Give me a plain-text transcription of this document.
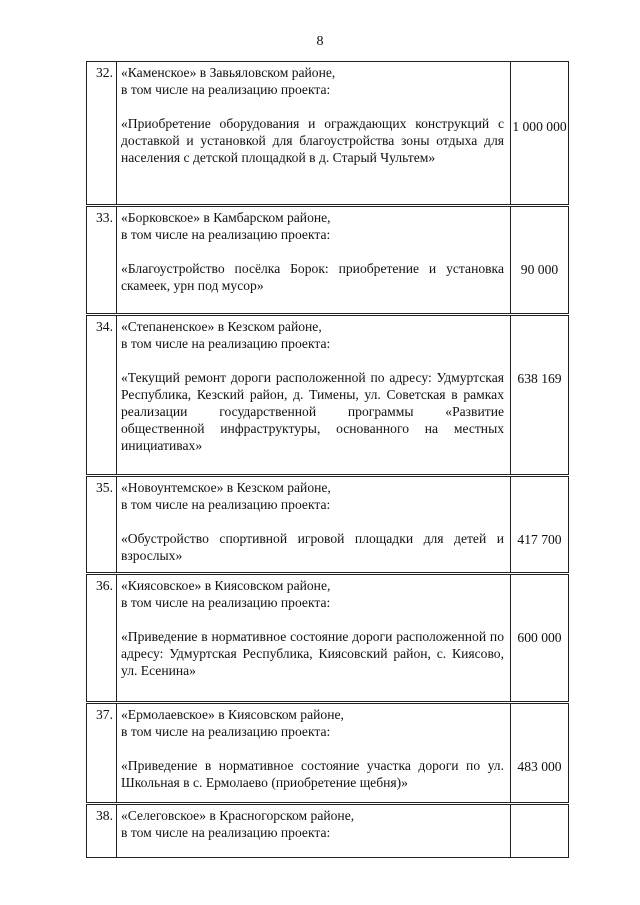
8
32.	«Каменское» в Завьяловском районе,
в том числе на реализацию проекта:
«Приобретение оборудования и ограждающих конструкций с доставкой и установкой для благоустройства зоны отдыха для населения с детской площадкой в д. Старый Чультем»	1 000 000

33.	«Борковское» в Камбарском районе,
в том числе на реализацию проекта:
«Благоустройство посёлка Борок: приобретение и установка скамеек, урн под мусор»	90 000

34.	«Степаненское» в Кезском районе,
в том числе на реализацию проекта:
«Текущий ремонт дороги расположенной по адресу: Удмуртская Республика, Кезский район, д. Тимены, ул. Советская в рамках реализации государственной программы «Развитие общественной инфраструктуры, основанного на местных инициативах»	638 169

35.	«Новоунтемское» в Кезском районе,
в том числе на реализацию проекта:
«Обустройство спортивной игровой площадки для детей и взрослых»	417 700

36.	«Киясовское» в Киясовском районе,
в том числе на реализацию проекта:
«Приведение в нормативное состояние дороги расположенной по адресу: Удмуртская Республика, Киясовский район, с. Киясово, ул. Есенина»	600 000

37.	«Ермолаевское» в Киясовском районе,
в том числе на реализацию проекта:
«Приведение в нормативное состояние участка дороги по ул. Школьная в с. Ермолаево (приобретение щебня)»	483 000

38.	«Селеговское» в Красногорском районе,
в том числе на реализацию проекта:	
